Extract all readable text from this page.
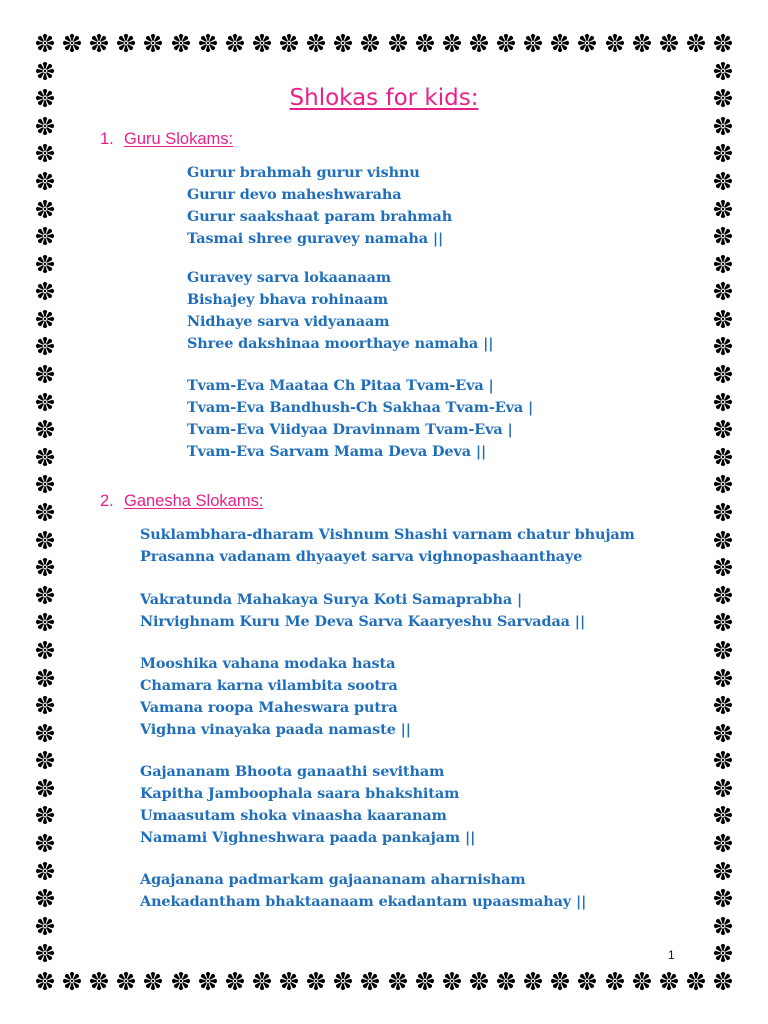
Shlokas for kids:
1. Guru Slokams:
Gurur brahmah gurur vishnu
Gurur devo maheshwaraha
Gurur saakshaat param brahmah
Tasmai shree guravey namaha ||
Guravey sarva lokaanaam
Bishajey bhava rohinaam
Nidhaye sarva vidyanaam
Shree dakshinaa moorthaye namaha ||
Tvam-Eva Maataa Ch Pitaa Tvam-Eva |
Tvam-Eva Bandhush-Ch Sakhaa Tvam-Eva |
Tvam-Eva Viidyaa Dravinnam Tvam-Eva |
Tvam-Eva Sarvam Mama Deva Deva ||
2. Ganesha Slokams:
Suklambhara-dharam Vishnum Shashi varnam chatur bhujam
Prasanna vadanam dhyaayet sarva vighnopashaanthaye
Vakratunda Mahakaya Surya Koti Samaprabha |
Nirvighnam Kuru Me Deva Sarva Kaaryeshu Sarvadaa ||
Mooshika vahana modaka hasta
Chamara karna vilambita sootra
Vamana roopa Maheswara putra
Vighna vinayaka paada namaste ||
Gajananam Bhoota ganaathi sevitham
Kapitha Jamboophala saara bhakshitam
Umaasutam shoka vinaasha kaaranam
Namami Vighneshwara paada pankajam ||
Agajanana padmarkam gajaananam aharnisham
Anekadantham bhaktaanaam ekadantam upaasmahay ||
1
